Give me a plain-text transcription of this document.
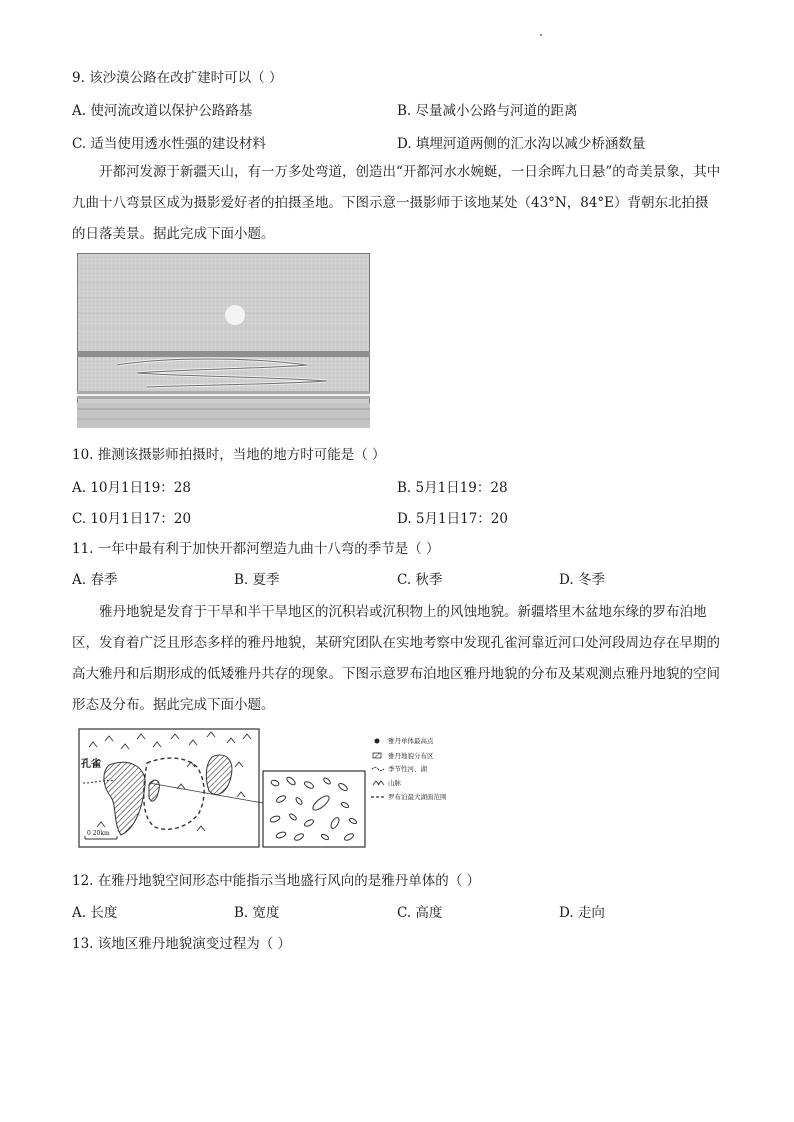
9. 该沙漠公路在改扩建时可以（ ）
A. 使河流改道以保护公路路基	B. 尽量减小公路与河道的距离
C. 适当使用透水性强的建设材料	D. 填埋河道两侧的汇水沟以减少桥涵数量
开都河发源于新疆天山，有一万多处弯道，创造出“开都河水水婉蜒，一日余晖九日悬”的奇美景象，其中九曲十八弯景区成为摄影爱好者的拍摄圣地。下图示意一摄影师于该地某处（43°N，84°E）背朝东北拍摄的日落美景。据此完成下面小题。
10. 推测该摄影师拍摄时，当地的地方时可能是（ ）
A. 10月1日19：28	B. 5月1日19：28
C. 10月1日17：20	D. 5月1日17：20
11. 一年中最有利于加快开都河塑造九曲十八弯的季节是（ ）
A. 春季	B. 夏季	C. 秋季	D. 冬季
雅丹地貌是发育于干旱和半干旱地区的沉积岩或沉积物上的风蚀地貌。新疆塔里木盆地东缘的罗布泊地区，发育着广泛且形态多样的雅丹地貌，某研究团队在实地考察中发现孔雀河靠近河口处河段周边存在早期的高大雅丹和后期形成的低矮雅丹共存的现象。下图示意罗布泊地区雅丹地貌的分布及某观测点雅丹地貌的空间形态及分布。据此完成下面小题。
孔雀
0 20km
雅丹单体最高点
雅丹地貌分布区
季节性河、湖
山脉
罗布泊最大湖面范围
12. 在雅丹地貌空间形态中能指示当地盛行风向的是雅丹单体的（ ）
A. 长度	B. 宽度	C. 高度	D. 走向
13. 该地区雅丹地貌演变过程为（ ）
